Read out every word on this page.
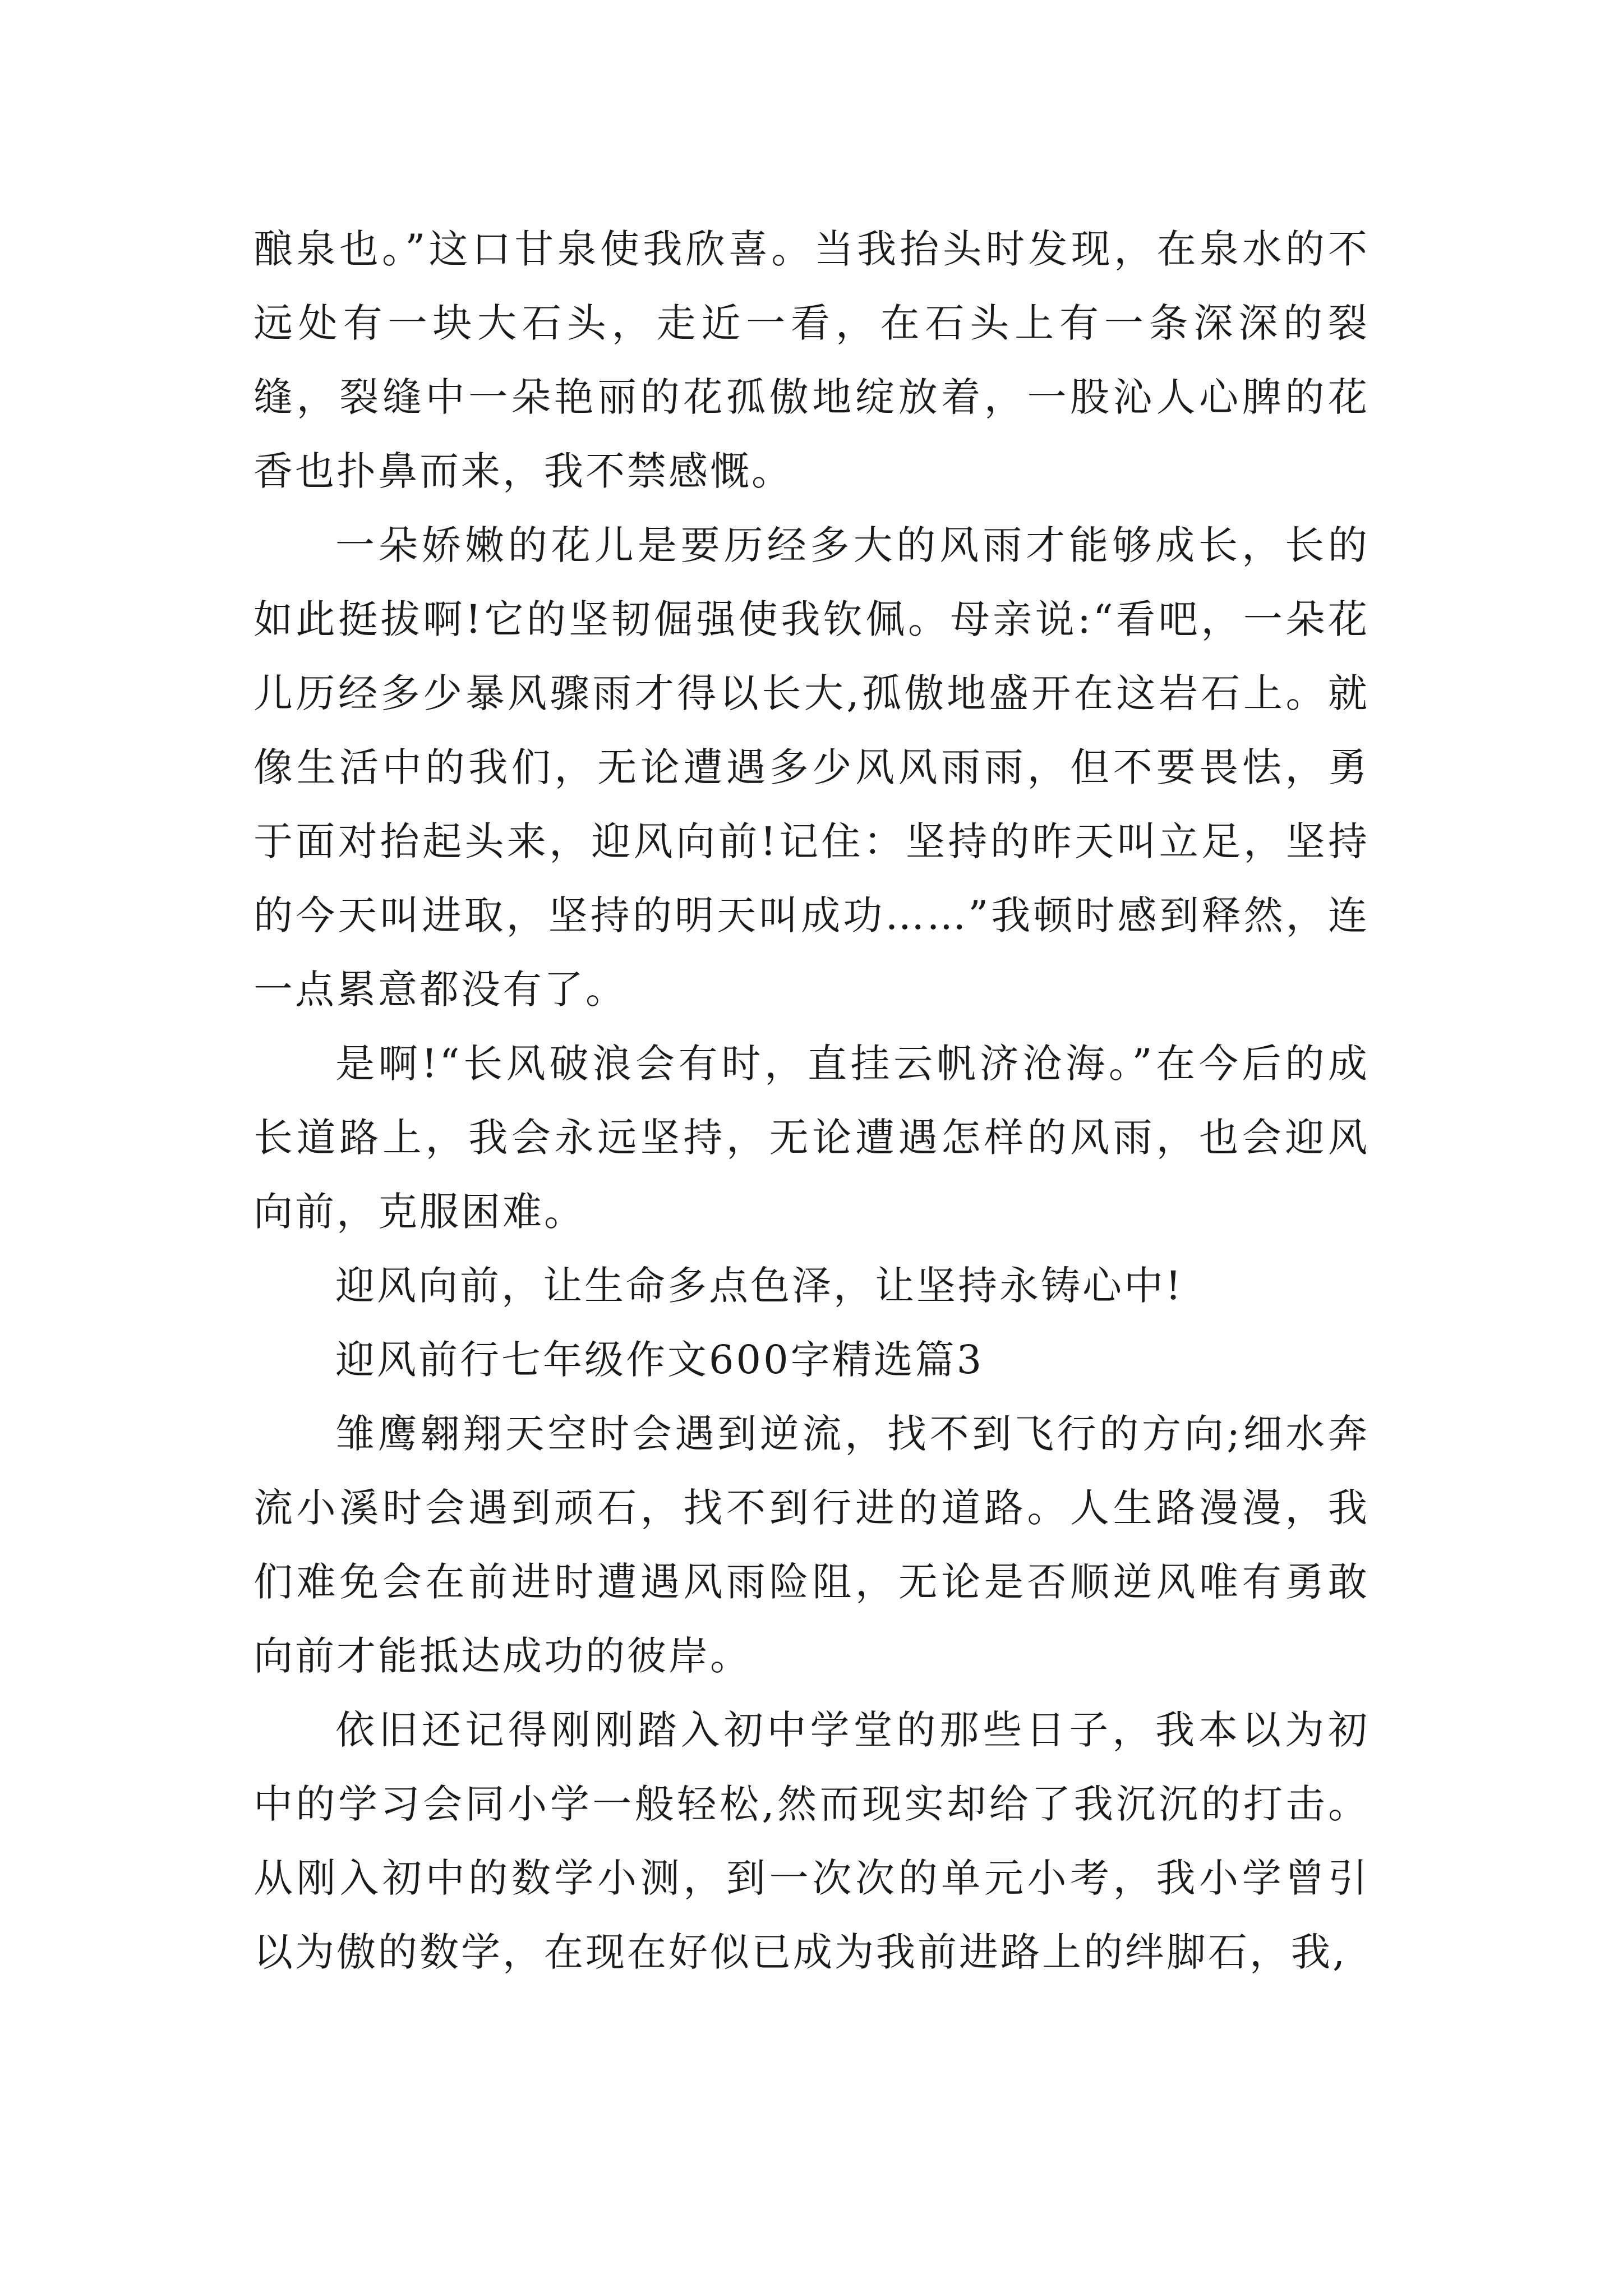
酿泉也。”这口甘泉使我欣喜。当我抬头时发现，在泉水的不远处有一块大石头，走近一看，在石头上有一条深深的裂缝，裂缝中一朵艳丽的花孤傲地绽放着，一股沁人心脾的花香也扑鼻而来，我不禁感慨。

一朵娇嫩的花儿是要历经多大的风雨才能够成长，长的如此挺拔啊!它的坚韧倔强使我钦佩。母亲说:“看吧，一朵花儿历经多少暴风骤雨才得以长大,孤傲地盛开在这岩石上。就像生活中的我们，无论遭遇多少风风雨雨，但不要畏怯，勇于面对抬起头来，迎风向前!记住：坚持的昨天叫立足，坚持的今天叫进取，坚持的明天叫成功……”我顿时感到释然，连一点累意都没有了。

是啊!“长风破浪会有时，直挂云帆济沧海。”在今后的成长道路上，我会永远坚持，无论遭遇怎样的风雨，也会迎风向前，克服困难。

迎风向前，让生命多点色泽，让坚持永铸心中!

迎风前行七年级作文600字精选篇3

雏鹰翱翔天空时会遇到逆流，找不到飞行的方向;细水奔流小溪时会遇到顽石，找不到行进的道路。人生路漫漫，我们难免会在前进时遭遇风雨险阻，无论是否顺逆风唯有勇敢向前才能抵达成功的彼岸。

依旧还记得刚刚踏入初中学堂的那些日子，我本以为初中的学习会同小学一般轻松,然而现实却给了我沉沉的打击。从刚入初中的数学小测，到一次次的单元小考，我小学曾引以为傲的数学，在现在好似已成为我前进路上的绊脚石，我,
